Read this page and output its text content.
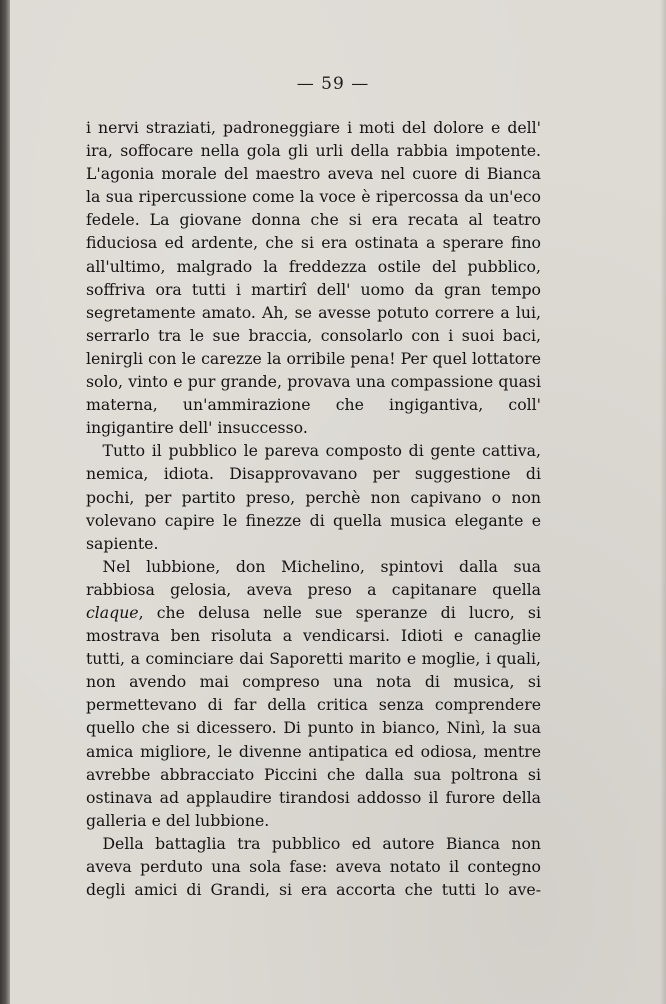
— 59 —

i nervi straziati, padroneggiare i moti del dolore e dell' ira, soffocare nella gola gli urli della rabbia impotente. L'agonia morale del maestro aveva nel cuore di Bianca la sua ripercussione come la voce è ripercossa da un'eco fedele. La giovane donna che si era recata al teatro fiduciosa ed ardente, che si era ostinata a sperare fino all'ultimo, malgrado la freddezza ostile del pubblico, soffriva ora tutti i martirî dell' uomo da gran tempo segretamente amato. Ah, se avesse potuto correre a lui, serrarlo tra le sue braccia, consolarlo con i suoi baci, lenirgli con le carezze la orribile pena! Per quel lottatore solo, vinto e pur grande, provava una compassione quasi materna, un'ammirazione che ingigantiva, coll' ingigantire dell' insuccesso.

Tutto il pubblico le pareva composto di gente cattiva, nemica, idiota. Disapprovavano per suggestione di pochi, per partito preso, perchè non capivano o non volevano capire le finezze di quella musica elegante e sapiente.

Nel lubbione, don Michelino, spintovi dalla sua rabbiosa gelosia, aveva preso a capitanare quella claque, che delusa nelle sue speranze di lucro, si mostrava ben risoluta a vendicarsi. Idioti e canaglie tutti, a cominciare dai Saporetti marito e moglie, i quali, non avendo mai compreso una nota di musica, si permettevano di far della critica senza comprendere quello che si dicessero. Di punto in bianco, Ninì, la sua amica migliore, le divenne antipatica ed odiosa, mentre avrebbe abbracciato Piccini che dalla sua poltrona si ostinava ad applaudire tirandosi addosso il furore della galleria e del lubbione.

Della battaglia tra pubblico ed autore Bianca non aveva perduto una sola fase: aveva notato il contegno degli amici di Grandi, si era accorta che tutti lo ave-
